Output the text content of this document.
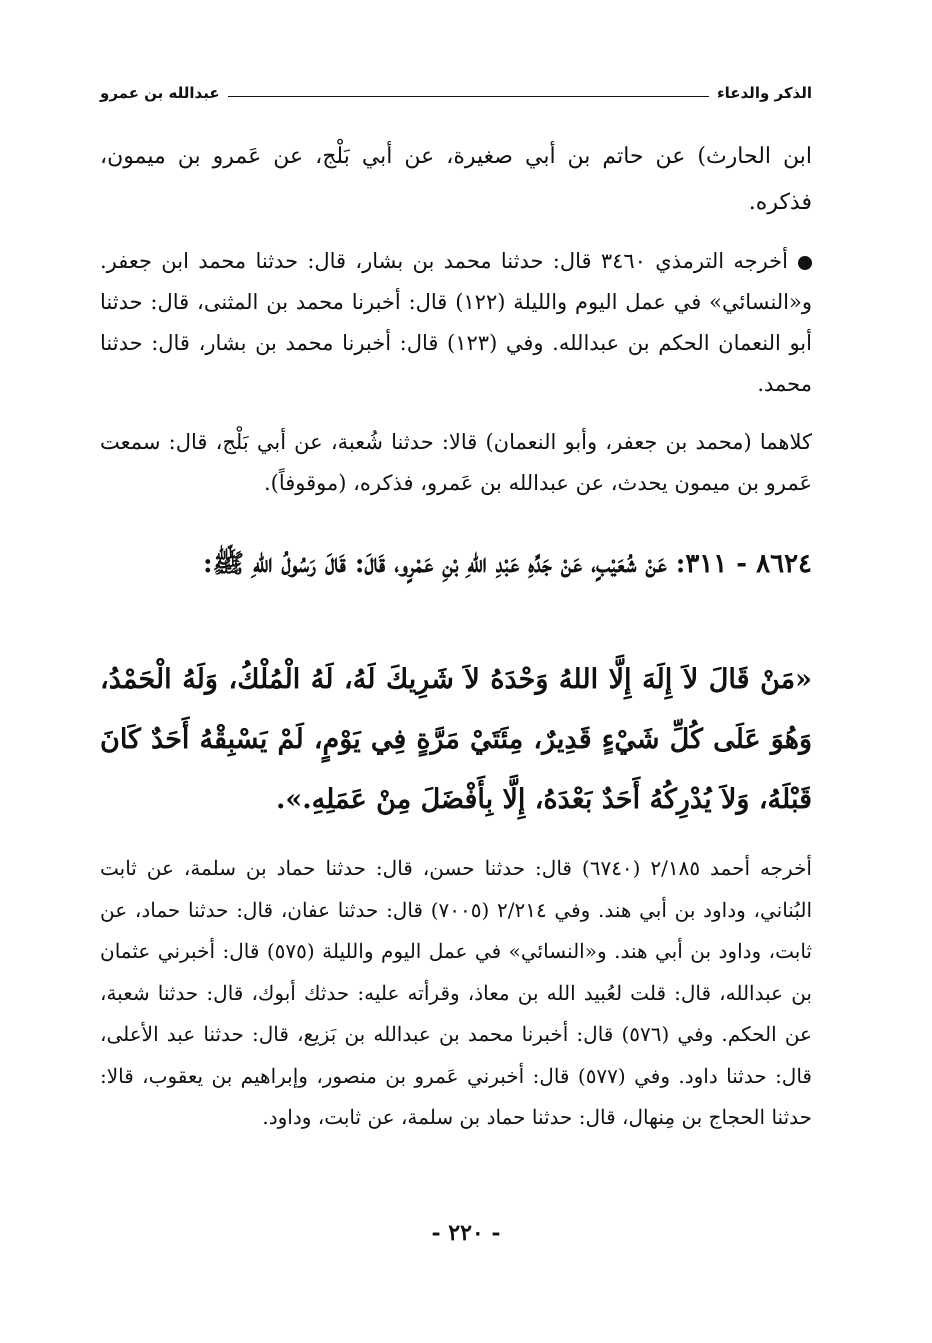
الذكر والدعاء
عبدالله بن عمرو

ابن الحارث) عن حاتم بن أبي صغيرة، عن أبي بَلْج، عن عَمرو بن ميمون، فذكره.

أخرجه الترمذي ٣٤٦٠ قال: حدثنا محمد بن بشار، قال: حدثنا محمد ابن جعفر. و«النسائي» في عمل اليوم والليلة (١٢٢) قال: أخبرنا محمد بن المثنى، قال: حدثنا أبو النعمان الحكم بن عبدالله. وفي (١٢٣) قال: أخبرنا محمد بن بشار، قال: حدثنا محمد.

كلاهما (محمد بن جعفر، وأبو النعمان) قالا: حدثنا شُعبة، عن أبي بَلْج، قال: سمعت عَمرو بن ميمون يحدث، عن عبدالله بن عَمرو، فذكره، (موقوفاً).

٨٦٢٤ - ٣١١: عَنْ شُعَيْبٍ، عَنْ جَدِّهِ عَبْدِ اللهِ بْنِ عَمْرٍو، قَالَ: قَالَ رَسُولُ اللهِ ﷺ:

«مَنْ قَالَ لاَ إِلَهَ إِلَّا اللهُ وَحْدَهُ لاَ شَرِيكَ لَهُ، لَهُ الْمُلْكُ، وَلَهُ الْحَمْدُ، وَهُوَ عَلَى كُلِّ شَيْءٍ قَدِيرٌ، مِئَتَيْ مَرَّةٍ فِي يَوْمٍ، لَمْ يَسْبِقْهُ أَحَدٌ كَانَ قَبْلَهُ، وَلاَ يُدْرِكُهُ أَحَدٌ بَعْدَهُ، إِلَّا بِأَفْضَلَ مِنْ عَمَلِهِ.».

أخرجه أحمد ٢/١٨٥ (٦٧٤٠) قال: حدثنا حسن، قال: حدثنا حماد بن سلمة، عن ثابت البُناني، وداود بن أبي هند. وفي ٢/٢١٤ (٧٠٠٥) قال: حدثنا عفان، قال: حدثنا حماد، عن ثابت، وداود بن أبي هند. و«النسائي» في عمل اليوم والليلة (٥٧٥) قال: أخبرني عثمان بن عبدالله، قال: قلت لعُبيد الله بن معاذ، وقرأته عليه: حدثك أبوك، قال: حدثنا شعبة، عن الحكم. وفي (٥٧٦) قال: أخبرنا محمد بن عبدالله بن بَزيع، قال: حدثنا عبد الأعلى، قال: حدثنا داود. وفي (٥٧٧) قال: أخبرني عَمرو بن منصور، وإبراهيم بن يعقوب، قالا: حدثنا الحجاج بن مِنهال، قال: حدثنا حماد بن سلمة، عن ثابت، وداود.

- ٢٢٠ -
